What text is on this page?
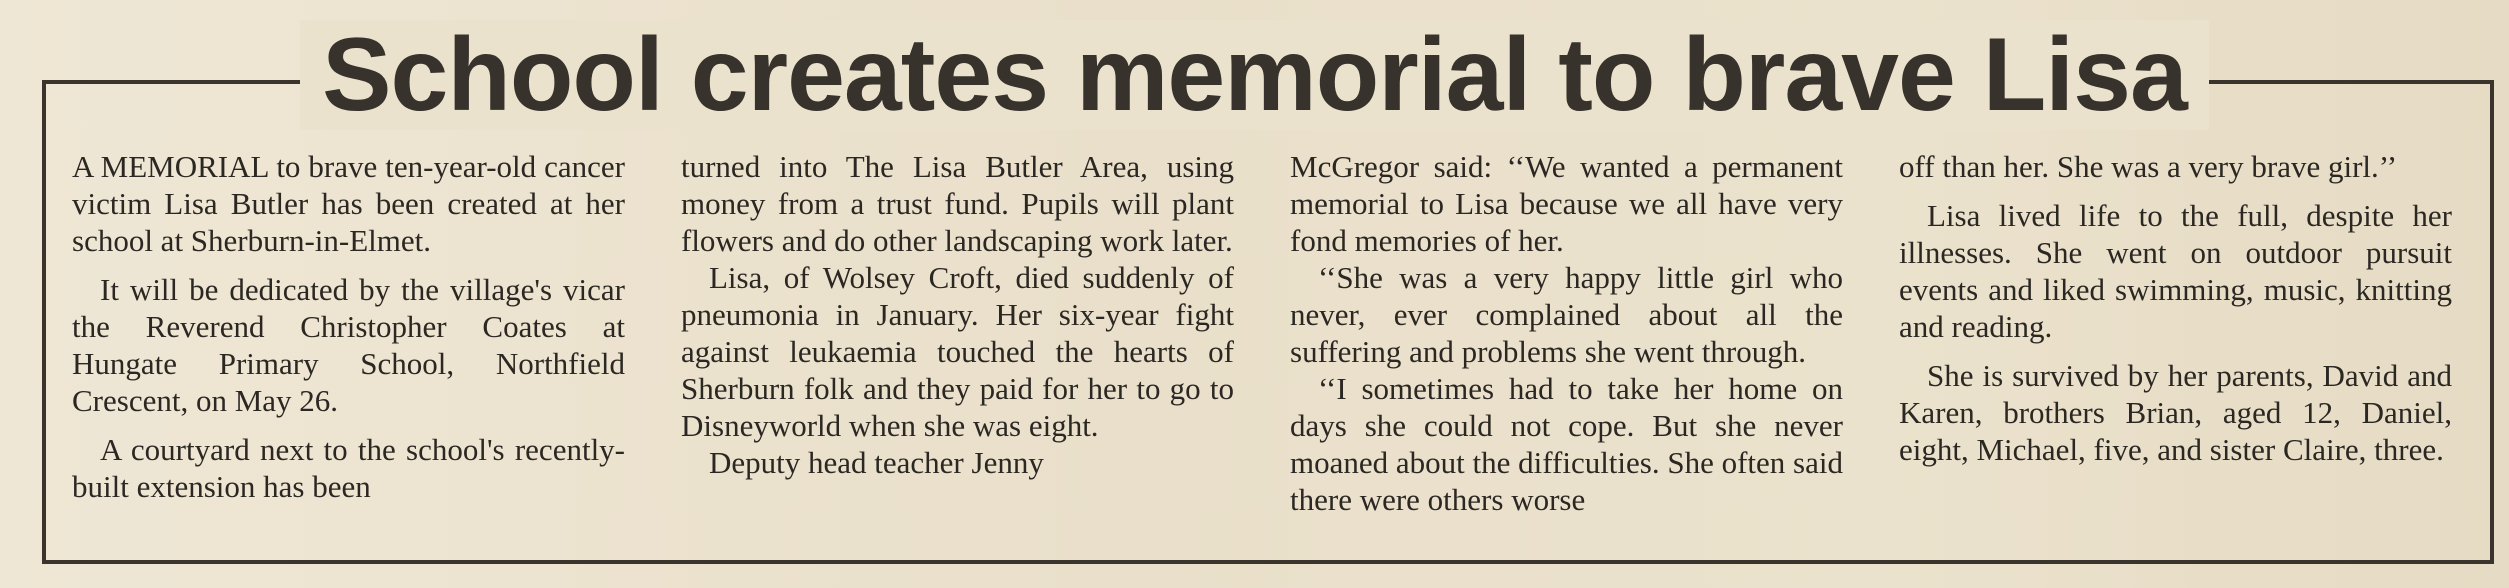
School creates memorial to brave Lisa

A MEMORIAL to brave ten-year-old cancer victim Lisa Butler has been created at her school at Sherburn-in-Elmet.

It will be dedicated by the village's vicar the Reverend Christopher Coates at Hungate Primary School, Northfield Crescent, on May 26.

A courtyard next to the school's recently-built extension has been

turned into The Lisa Butler Area, using money from a trust fund. Pupils will plant flowers and do other landscaping work later.

Lisa, of Wolsey Croft, died suddenly of pneumonia in January. Her six-year fight against leukaemia touched the hearts of Sherburn folk and they paid for her to go to Disneyworld when she was eight.

Deputy head teacher Jenny

McGregor said: ‘‘We wanted a permanent memorial to Lisa because we all have very fond memories of her.

‘‘She was a very happy little girl who never, ever complained about all the suffering and problems she went through.

‘‘I sometimes had to take her home on days she could not cope. But she never moaned about the difficulties. She often said there were others worse

off than her. She was a very brave girl.’’

Lisa lived life to the full, despite her illnesses. She went on outdoor pursuit events and liked swimming, music, knitting and reading.

She is survived by her parents, David and Karen, brothers Brian, aged 12, Daniel, eight, Michael, five, and sister Claire, three.
